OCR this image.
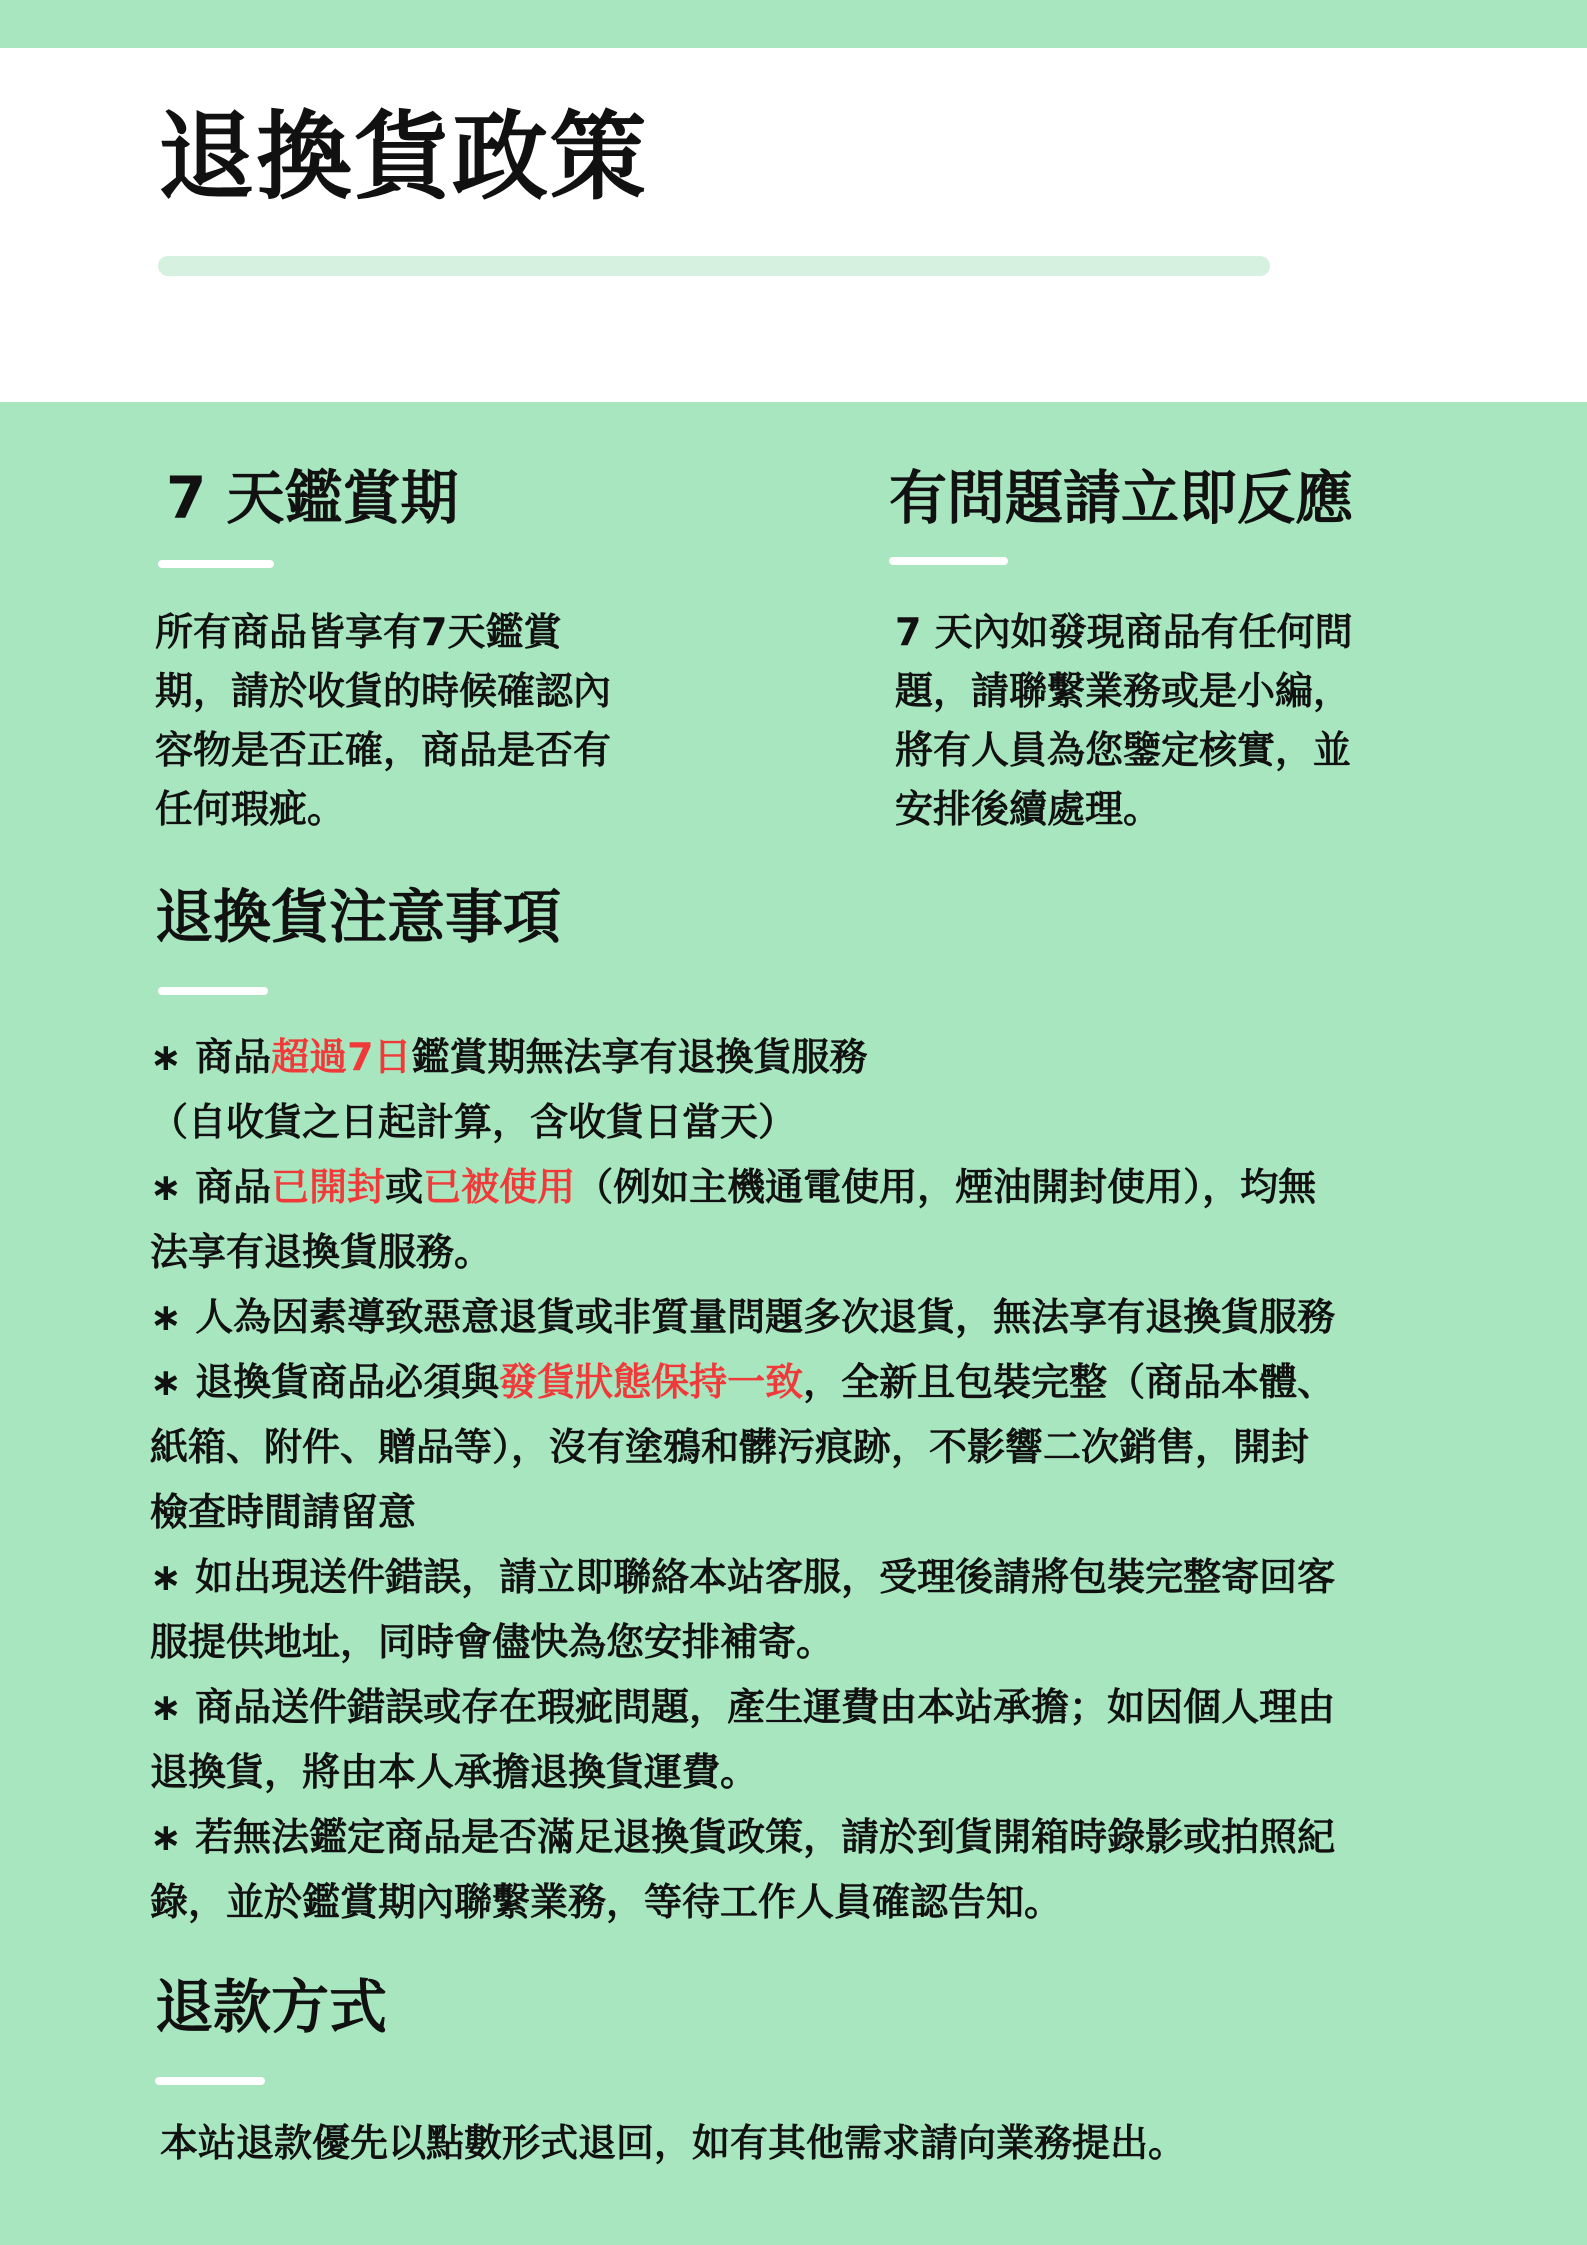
退換貨政策
7 天鑑賞期
所有商品皆享有7天鑑賞
期，請於收貨的時候確認內
容物是否正確，商品是否有
任何瑕疵。
有問題請立即反應
7 天內如發現商品有任何問
題，請聯繫業務或是小編，
將有人員為您鑒定核實，並
安排後續處理。
退換貨注意事項
∗ 商品超過7日鑑賞期無法享有退換貨服務
（自收貨之日起計算，含收貨日當天）
∗ 商品已開封或已被使用（例如主機通電使用，煙油開封使用），均無
法享有退換貨服務。
∗ 人為因素導致惡意退貨或非質量問題多次退貨，無法享有退換貨服務
∗ 退換貨商品必須與發貨狀態保持一致，全新且包裝完整（商品本體、
紙箱、附件、贈品等），沒有塗鴉和髒污痕跡，不影響二次銷售，開封
檢查時間請留意
∗ 如出現送件錯誤，請立即聯絡本站客服，受理後請將包裝完整寄回客
服提供地址，同時會儘快為您安排補寄。
∗ 商品送件錯誤或存在瑕疵問題，產生運費由本站承擔；如因個人理由
退換貨，將由本人承擔退換貨運費。
∗ 若無法鑑定商品是否滿足退換貨政策，請於到貨開箱時錄影或拍照紀
錄，並於鑑賞期內聯繫業務，等待工作人員確認告知。
退款方式

本站退款優先以點數形式退回，如有其他需求請向業務提出。
